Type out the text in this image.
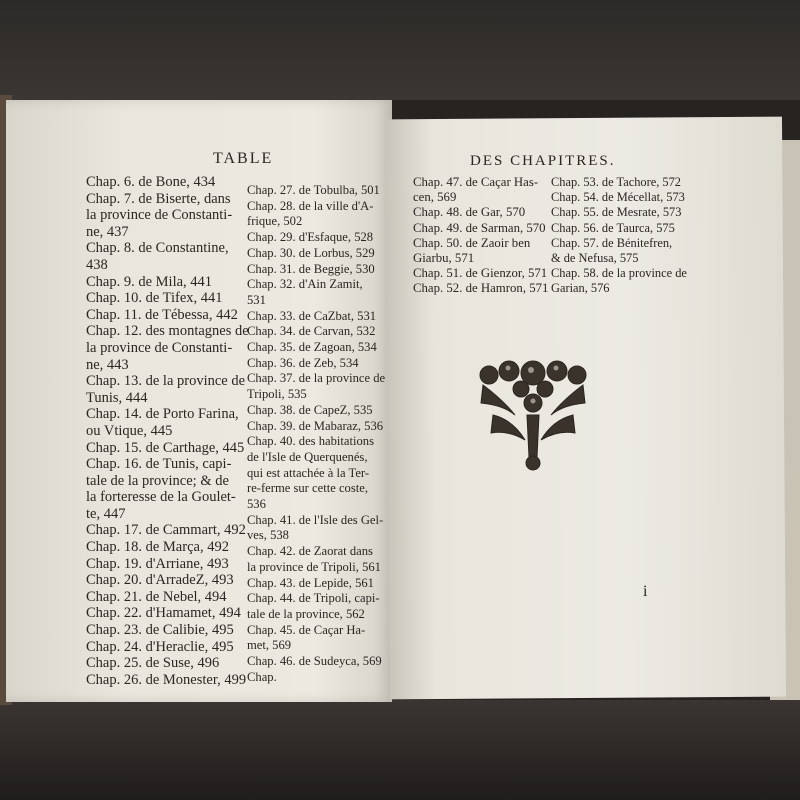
TABLE	DES CHAPITRES.
Chap. 6. de Bone, 434
Chap. 7. de Biserte, dans
la province de Constanti-
ne, 437
Chap. 8. de Constantine,
438
Chap. 9. de Mila, 441
Chap. 10. de Tifex, 441
Chap. 11. de Tébessa, 442
Chap. 12. des montagnes de
la province de Constanti-
ne, 443
Chap. 13. de la province de
Tunis, 444
Chap. 14. de Porto Farina,
ou Vtique, 445
Chap. 15. de Carthage, 445
Chap. 16. de Tunis, capi-
tale de la province; & de
la forteresse de la Goulet-
te, 447
Chap. 17. de Cammart, 492
Chap. 18. de Marça, 492
Chap. 19. d'Arriane, 493
Chap. 20. d'ArradeZ, 493
Chap. 21. de Nebel, 494
Chap. 22. d'Hamamet, 494
Chap. 23. de Calibie, 495
Chap. 24. d'Heraclie, 495
Chap. 25. de Suse, 496
Chap. 26. de Monester, 499
Chap. 27. de Tobulba, 501
Chap. 28. de la ville d'A-
frique, 502
Chap. 29. d'Esfaque, 528
Chap. 30. de Lorbus, 529
Chap. 31. de Beggie, 530
Chap. 32. d'Ain Zamit,
531
Chap. 33. de CaZbat, 531
Chap. 34. de Carvan, 532
Chap. 35. de Zagoan, 534
Chap. 36. de Zeb, 534
Chap. 37. de la province de
Tripoli, 535
Chap. 38. de CapeZ, 535
Chap. 39. de Mabaraz, 536
Chap. 40. des habitations
de l'Isle de Querquenés,
qui est attachée à la Ter-
re-ferme sur cette coste,
536
Chap. 41. de l'Isle des Gel-
ves, 538
Chap. 42. de Zaorat dans
la province de Tripoli, 561
Chap. 43. de Lepide, 561
Chap. 44. de Tripoli, capi-
tale de la province, 562
Chap. 45. de Caçar Ha-
met, 569
Chap. 46. de Sudeyca, 569
Chap.
Chap. 47. de Caçar Has-
cen, 569
Chap. 48. de Gar, 570
Chap. 49. de Sarman, 570
Chap. 50. de Zaoir ben
Giarbu, 571
Chap. 51. de Gienzor, 571
Chap. 52. de Hamron, 571
Chap. 53. de Tachore, 572
Chap. 54. de Mécellat, 573
Chap. 55. de Mesrate, 573
Chap. 56. de Taurca, 575
Chap. 57. de Bénitefren,
& de Nefusa, 575
Chap. 58. de la province de
Garian, 576
i
